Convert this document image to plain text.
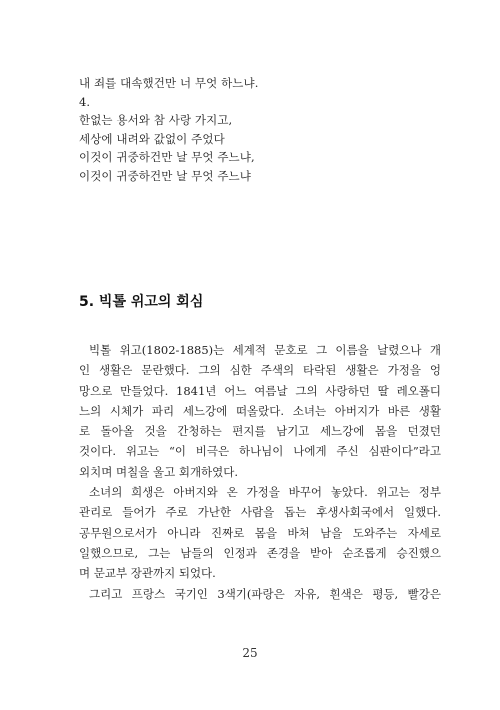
내 죄를 대속했건만 너 무엇 하느냐.
4.
한없는 용서와 참 사랑 가지고,
세상에 내려와 값없이 주었다
이것이 귀중하건만 날 무엇 주느냐,
이것이 귀중하건만 날 무엇 주느냐
5. 빅톨 위고의 회심
빅톨 위고(1802-1885)는 세계적 문호로 그 이름을 날렸으나 개
인 생활은 문란했다. 그의 심한 주색의 타락된 생활은 가정을 엉
망으로 만들었다. 1841년 어느 여름날 그의 사랑하던 딸 레오폴디
느의 시체가 파리 세느강에 떠올랐다. 소녀는 아버지가 바른 생활
로 돌아올 것을 간청하는 편지를 남기고 세느강에 몸을 던졌던
것이다. 위고는 “이 비극은 하나님이 나에게 주신 심판이다”라고
외치며 며칠을 울고 회개하였다.
소녀의 희생은 아버지와 온 가정을 바꾸어 놓았다. 위고는 정부
관리로 들어가 주로 가난한 사람을 돕는 후생사회국에서 일했다.
공무원으로서가 아니라 진짜로 몸을 바쳐 남을 도와주는 자세로
일했으므로, 그는 남들의 인정과 존경을 받아 순조롭게 승진했으
며 문교부 장관까지 되었다.
그리고 프랑스 국기인 3색기(파랑은 자유, 흰색은 평등, 빨강은
25
